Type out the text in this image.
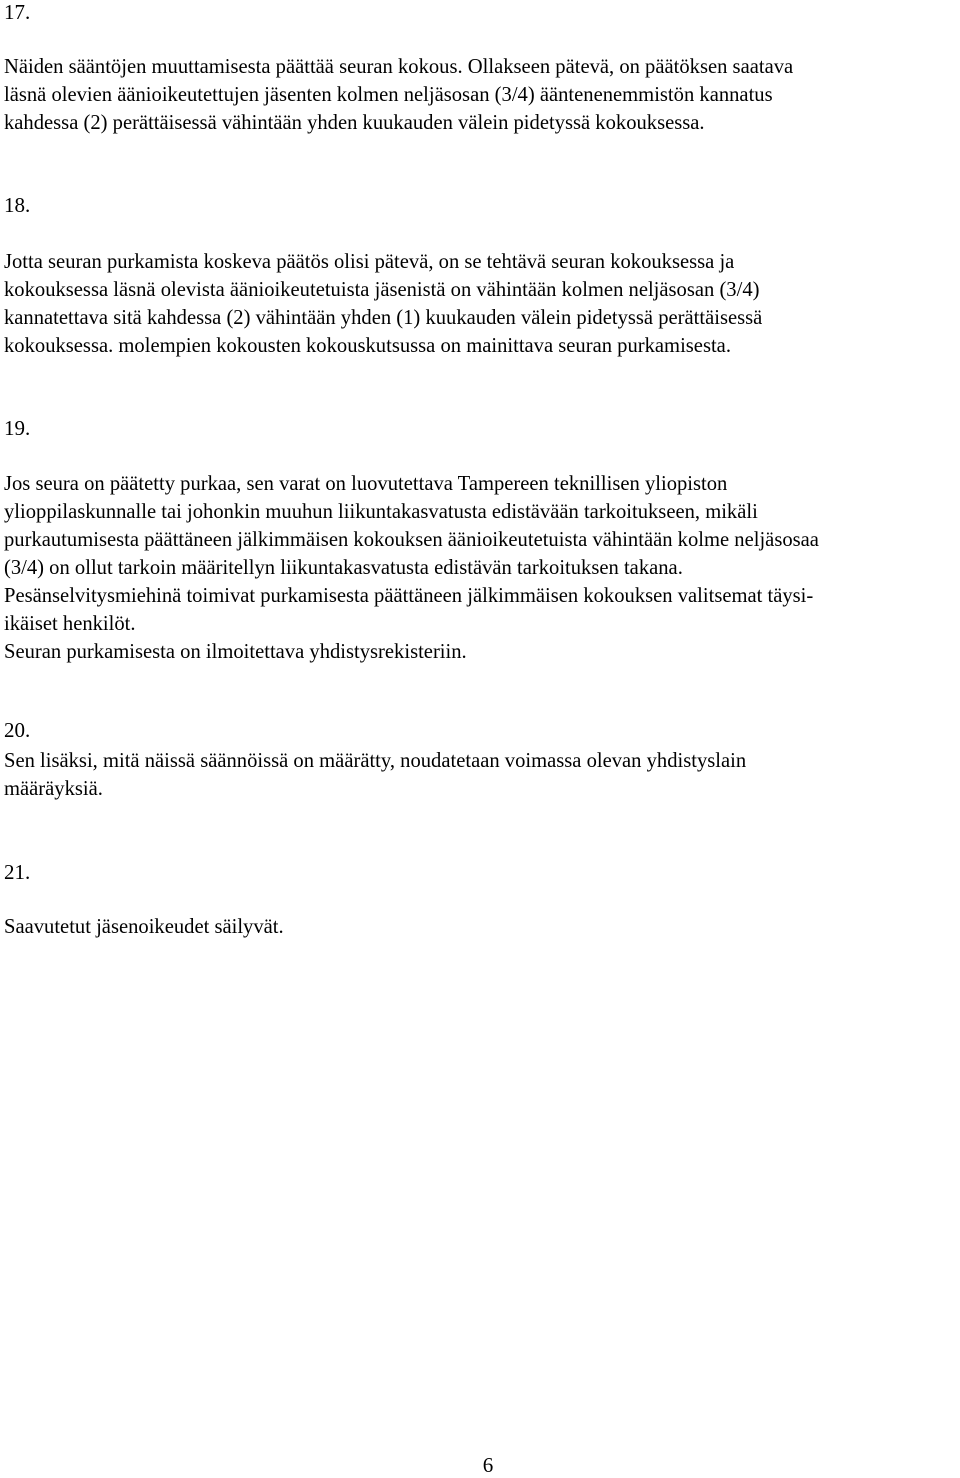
17.

Näiden sääntöjen muuttamisesta päättää seuran kokous. Ollakseen pätevä, on päätöksen saatava
läsnä olevien äänioikeutettujen jäsenten kolmen neljäsosan (3/4) ääntenenemmistön kannatus
kahdessa (2) perättäisessä vähintään yhden kuukauden välein pidetyssä kokouksessa.

18.

Jotta seuran purkamista koskeva päätös olisi pätevä, on se tehtävä seuran kokouksessa ja
kokouksessa läsnä olevista äänioikeutetuista jäsenistä on vähintään kolmen neljäsosan (3/4)
kannatettava sitä kahdessa (2) vähintään yhden (1) kuukauden välein pidetyssä perättäisessä
kokouksessa. molempien kokousten kokouskutsussa on mainittava seuran purkamisesta.

19.

Jos seura on päätetty purkaa, sen varat on luovutettava Tampereen teknillisen yliopiston
ylioppilaskunnalle tai johonkin muuhun liikuntakasvatusta edistävään tarkoitukseen, mikäli
purkautumisesta päättäneen jälkimmäisen kokouksen äänioikeutetuista vähintään kolme neljäsosaa
(3/4) on ollut tarkoin määritellyn liikuntakasvatusta edistävän tarkoituksen takana.
Pesänselvitysmiehinä toimivat purkamisesta päättäneen jälkimmäisen kokouksen valitsemat täysi-
ikäiset henkilöt.
Seuran purkamisesta on ilmoitettava yhdistysrekisteriin.

20.

Sen lisäksi, mitä näissä säännöissä on määrätty, noudatetaan voimassa olevan yhdistyslain
määräyksiä.

21.

Saavutetut jäsenoikeudet säilyvät.

6
